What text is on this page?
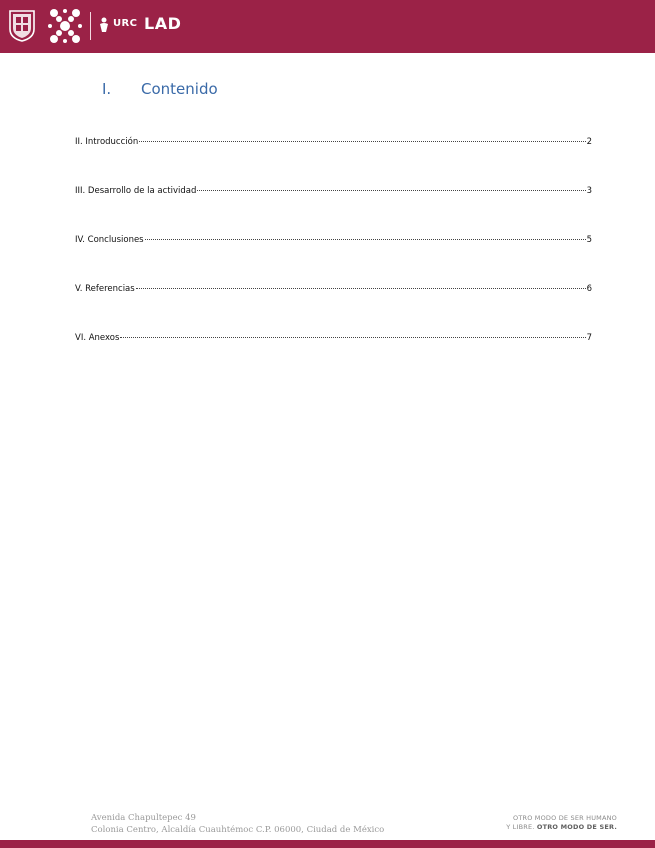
URC LAD
I. Contenido
II. Introducción	2
III. Desarrollo de la actividad	3
IV. Conclusiones	5
V. Referencias	6
VI. Anexos	7
Avenida Chapultepec 49
Colonia Centro, Alcaldía Cuauhtémoc C.P. 06000, Ciudad de México
OTRO MODO DE SER HUMANO
Y LIBRE. OTRO MODO DE SER.
